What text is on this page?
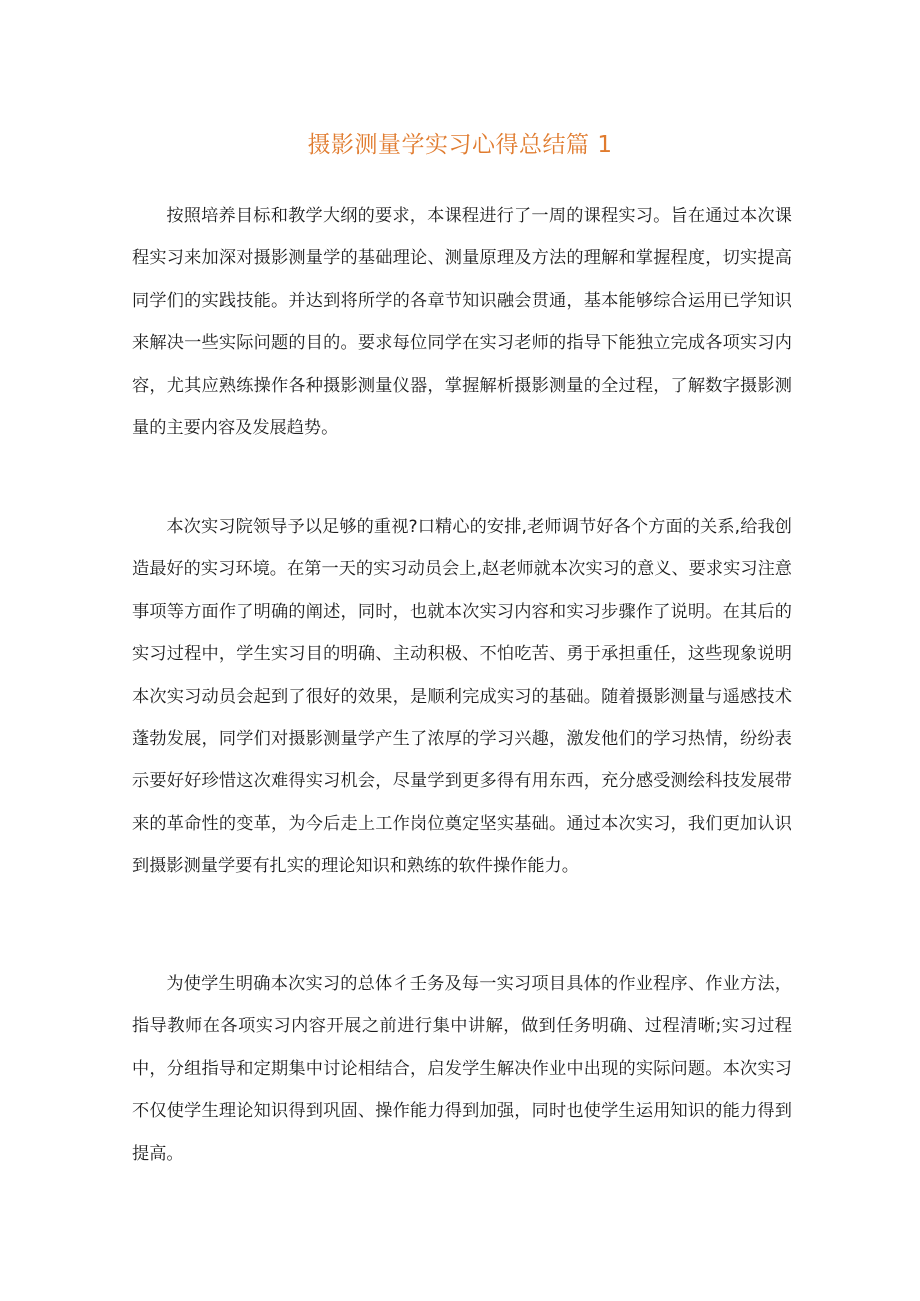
摄影测量学实习心得总结篇 1

按照培养目标和教学大纲的要求，本课程进行了一周的课程实习。旨在通过本次课程实习来加深对摄影测量学的基础理论、测量原理及方法的理解和掌握程度，切实提高同学们的实践技能。并达到将所学的各章节知识融会贯通，基本能够综合运用已学知识来解决一些实际问题的目的。要求每位同学在实习老师的指导下能独立完成各项实习内容，尤其应熟练操作各种摄影测量仪器，掌握解析摄影测量的全过程，了解数字摄影测量的主要内容及发展趋势。

本次实习院领导予以足够的重视?口精心的安排,老师调节好各个方面的关系,给我创造最好的实习环境。在第一天的实习动员会上,赵老师就本次实习的意义、要求实习注意事项等方面作了明确的阐述，同时，也就本次实习内容和实习步骤作了说明。在其后的实习过程中，学生实习目的明确、主动积极、不怕吃苦、勇于承担重任，这些现象说明本次实习动员会起到了很好的效果，是顺利完成实习的基础。随着摄影测量与遥感技术蓬勃发展，同学们对摄影测量学产生了浓厚的学习兴趣，激发他们的学习热情，纷纷表示要好好珍惜这次难得实习机会，尽量学到更多得有用东西，充分感受测绘科技发展带来的革命性的变革，为今后走上工作岗位奠定坚实基础。通过本次实习，我们更加认识到摄影测量学要有扎实的理论知识和熟练的软件操作能力。

为使学生明确本次实习的总体彳壬务及每一实习项目具体的作业程序、作业方法，指导教师在各项实习内容开展之前进行集中讲解，做到任务明确、过程清晰;实习过程中，分组指导和定期集中讨论相结合，启发学生解决作业中出现的实际问题。本次实习不仅使学生理论知识得到巩固、操作能力得到加强，同时也使学生运用知识的能力得到提高。
